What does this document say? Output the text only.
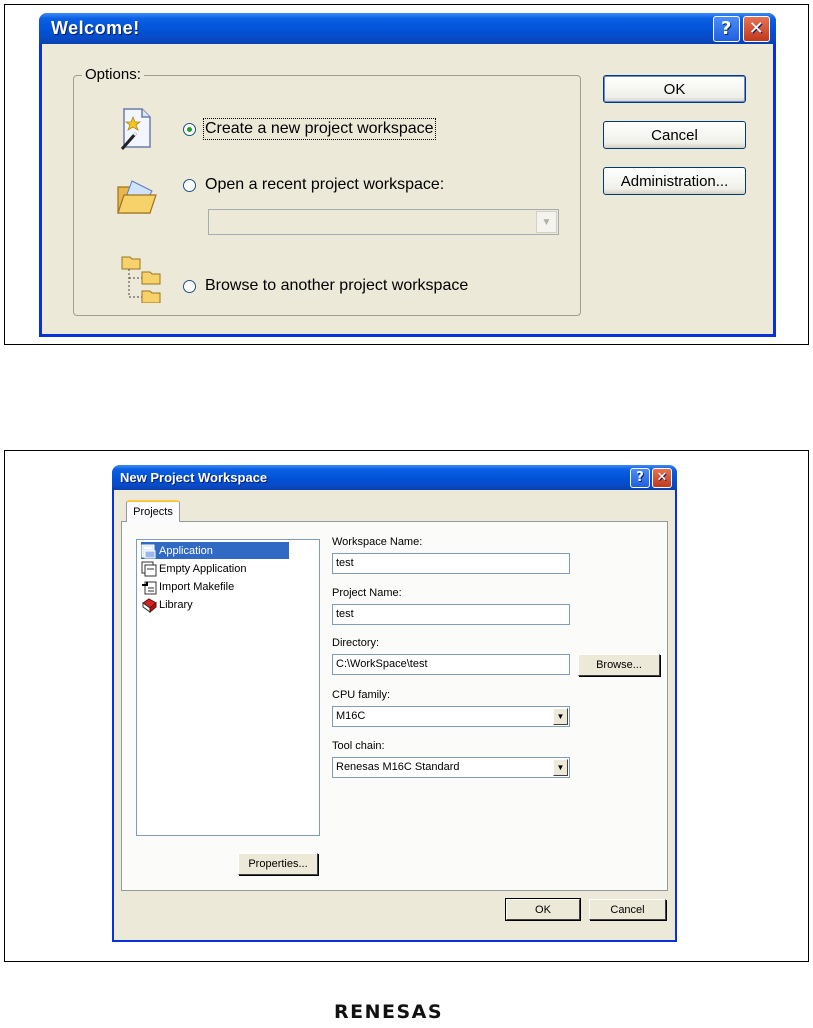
Welcome!	? ✕
Options:
Create a new project workspace
Open a recent project workspace:
▼
Browse to another project workspace
OK
Cancel
Administration...
New Project Workspace	? ✕
Projects
Application
Empty Application
Import Makefile
Library
Properties...
Workspace Name:
test
Project Name:
test
Directory:
C:\WorkSpace\test	Browse...
CPU family:
M16C	▼
Tool chain:
Renesas M16C Standard	▼
OK	Cancel
RENESAS
